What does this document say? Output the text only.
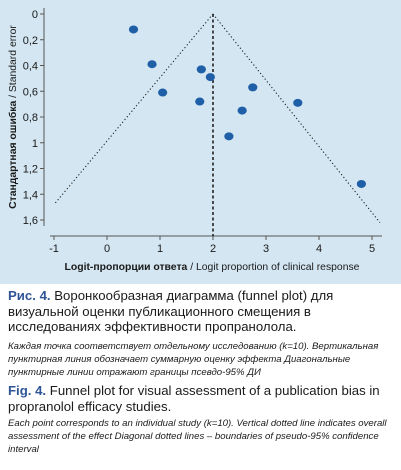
0
0,2
0,4
0,6
0,8
1
1,2
1,4
1,6
-1	0	1	2	3	4	5
Logit-пропорции ответа / Logit proportion of clinical response
Стандартная ошибка / Standard error
Рис. 4. Воронкообразная диаграмма (funnel plot) для визуальной оценки публикационного смещения в исследованиях эффективности пропранолола.
Каждая точка соответствует отдельному исследованию (k=10). Вертикальная пунктирная линия обозначает суммарную оценку эффекта Диагональные пунктирные линии отражают границы псевдо-95% ДИ
Fig. 4. Funnel plot for visual assessment of a publication bias in propranolol efficacy studies.
Each point corresponds to an individual study (k=10). Vertical dotted line indicates overall assessment of the effect Diagonal dotted lines – boundaries of pseudo-95% confidence interval
